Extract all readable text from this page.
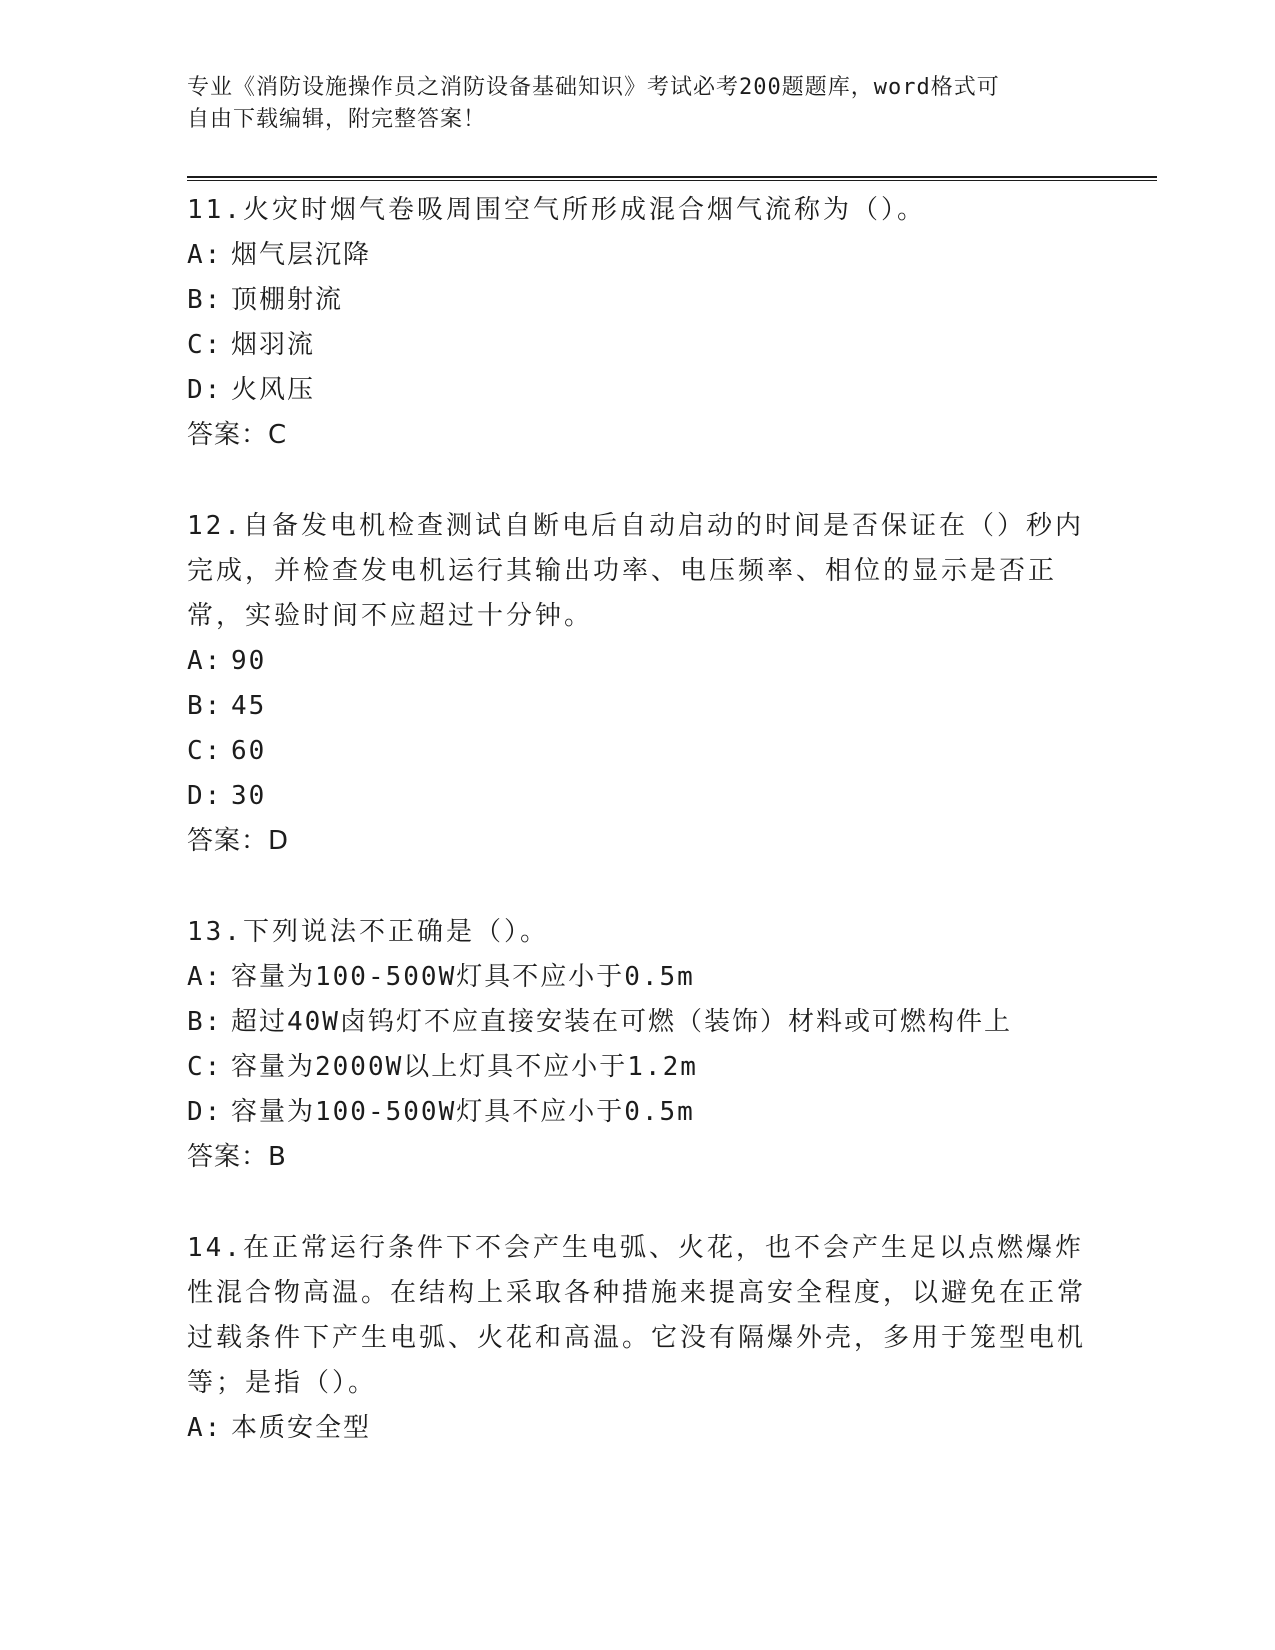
专业《消防设施操作员之消防设备基础知识》考试必考200题题库，word格式可
自由下载编辑，附完整答案！
11.火灾时烟气卷吸周围空气所形成混合烟气流称为（）。
A: 烟气层沉降
B: 顶棚射流
C: 烟羽流
D: 火风压
答案：C
12.自备发电机检查测试自断电后自动启动的时间是否保证在（）秒内完成，并检查发电机运行其输出功率、电压频率、相位的显示是否正常，实验时间不应超过十分钟。
A: 90
B: 45
C: 60
D: 30
答案：D
13.下列说法不正确是（）。
A: 容量为100-500W灯具不应小于0.5m
B: 超过40W卤钨灯不应直接安装在可燃（装饰）材料或可燃构件上
C: 容量为2000W以上灯具不应小于1.2m
D: 容量为100-500W灯具不应小于0.5m
答案：B
14.在正常运行条件下不会产生电弧、火花，也不会产生足以点燃爆炸性混合物高温。在结构上采取各种措施来提高安全程度，以避免在正常过载条件下产生电弧、火花和高温。它没有隔爆外壳，多用于笼型电机等；是指（）。
A: 本质安全型
